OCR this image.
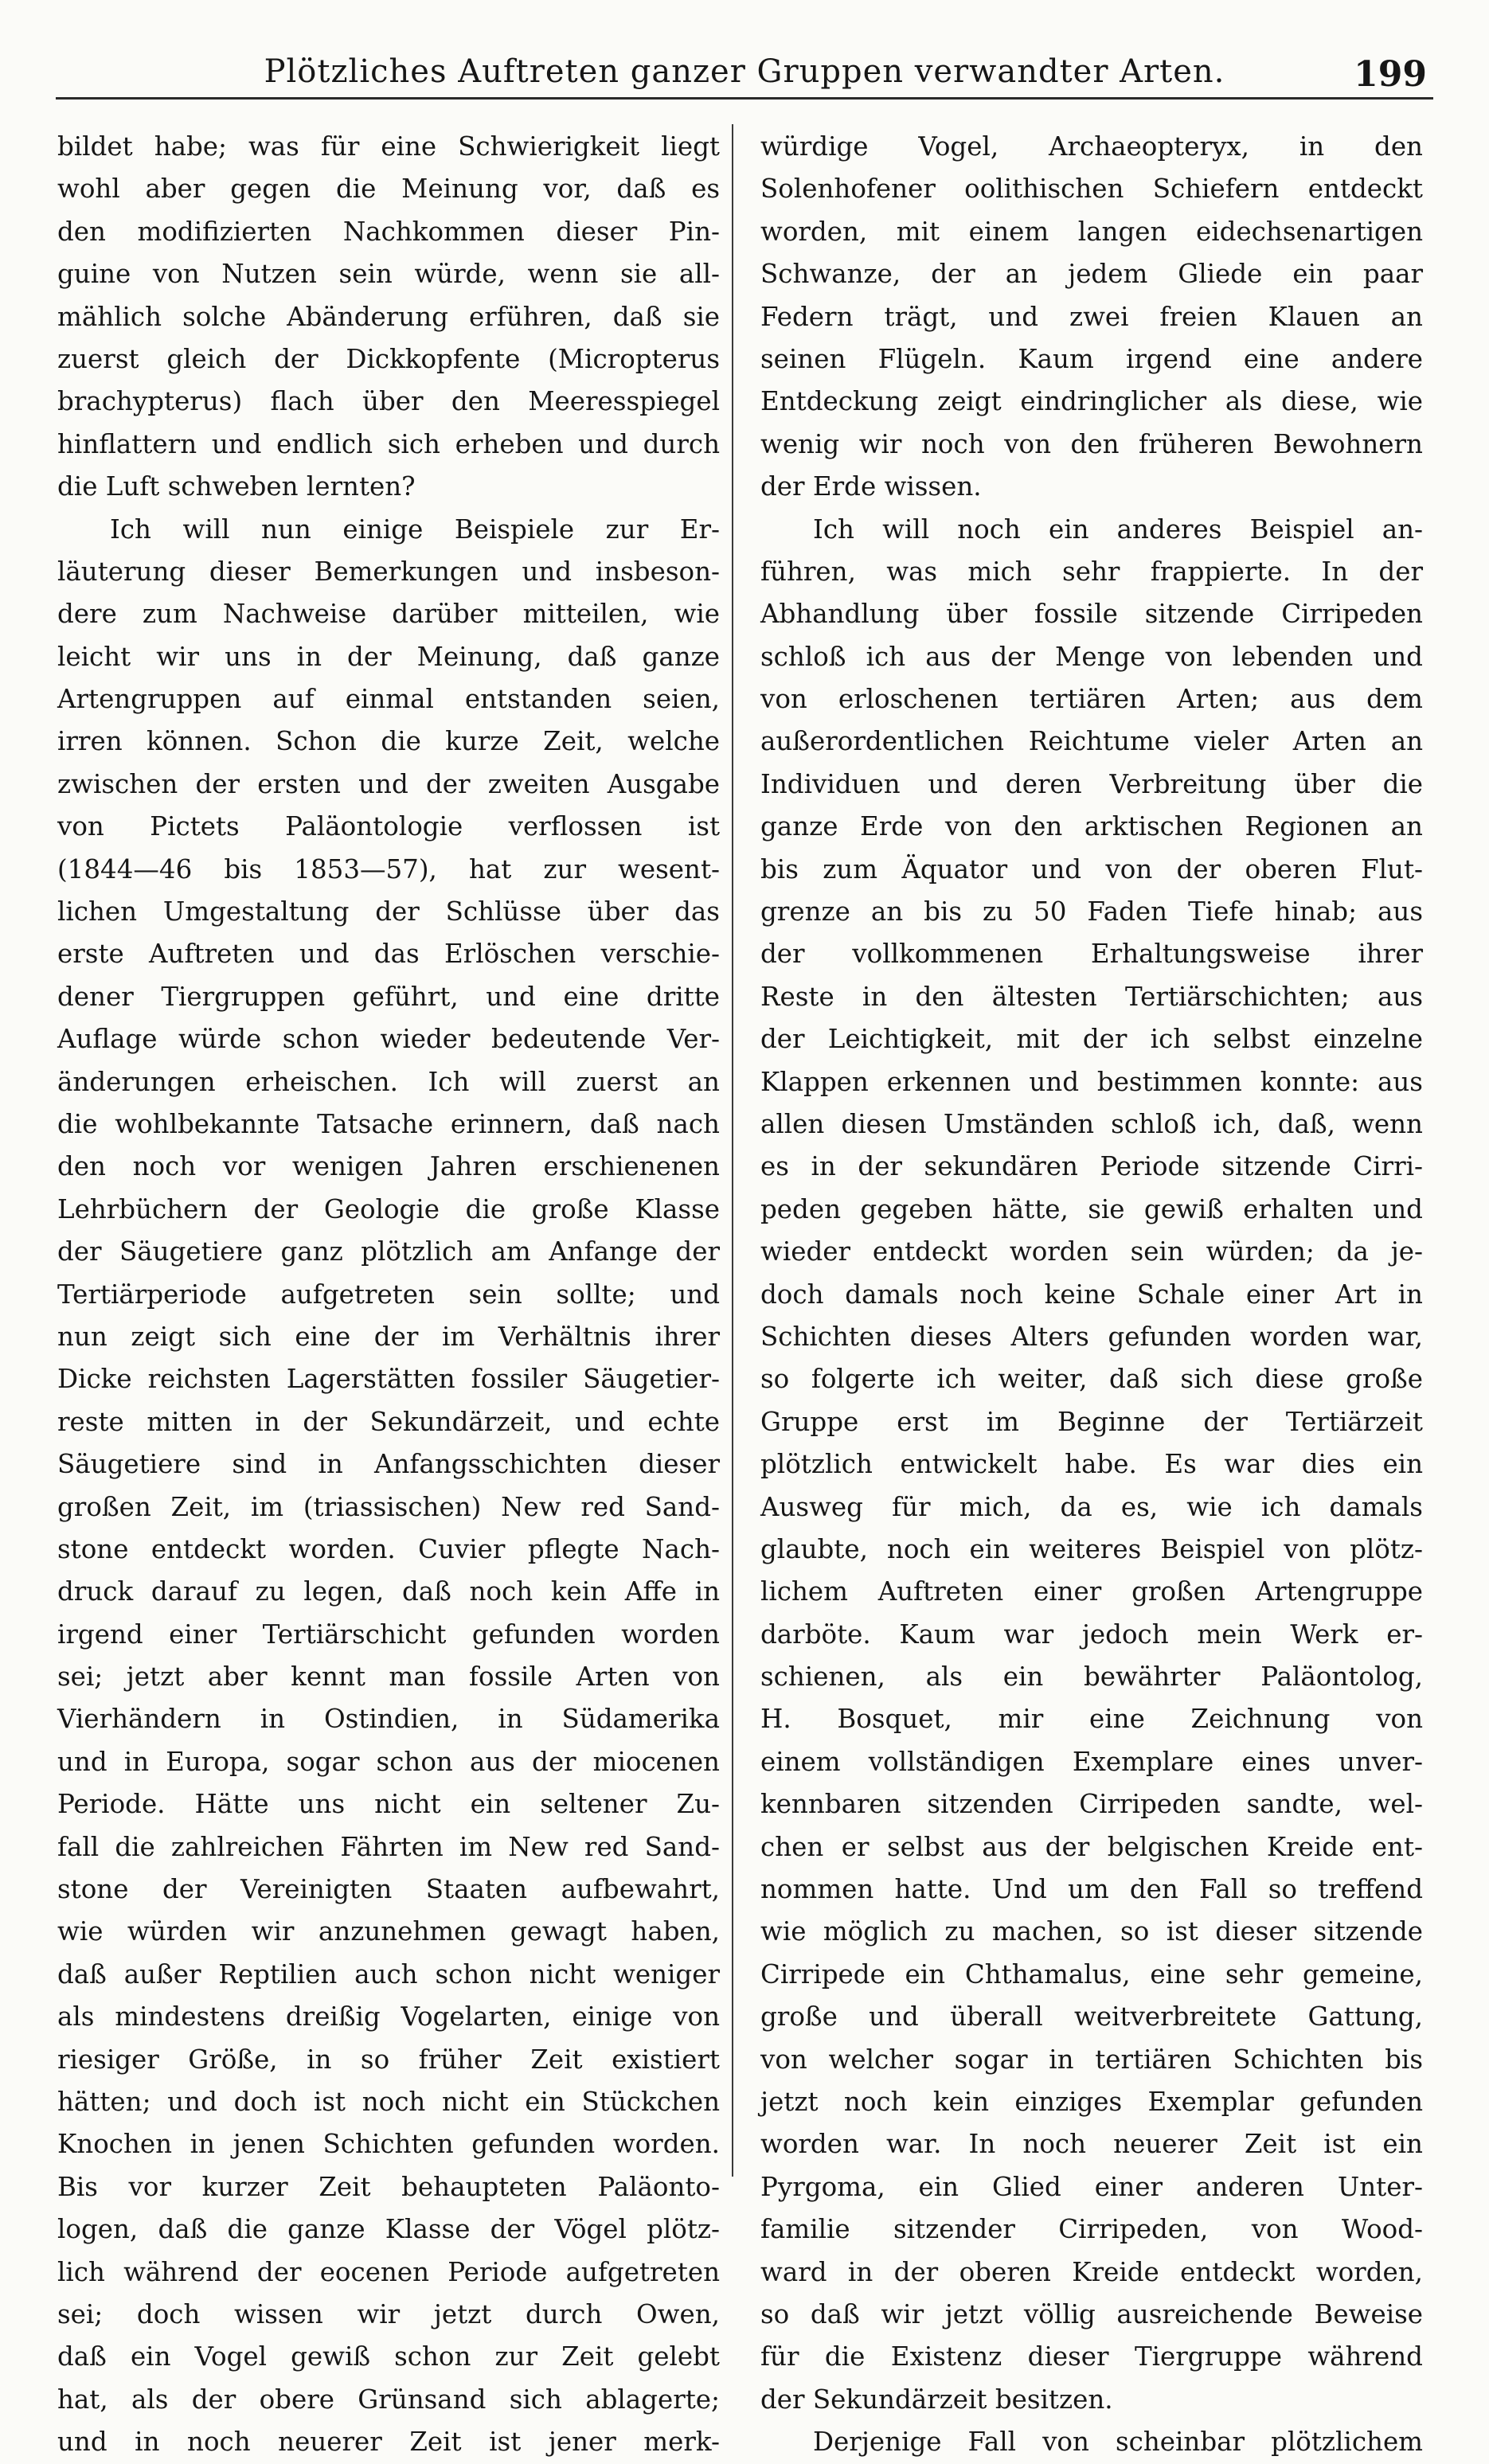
Plötzliches Auftreten ganzer Gruppen verwandter Arten.	199
bildet habe; was für eine Schwierigkeit liegt
wohl aber gegen die Meinung vor, daß es
den modifizierten Nachkommen dieser Pin-
guine von Nutzen sein würde, wenn sie all-
mählich solche Abänderung erführen, daß sie
zuerst gleich der Dickkopfente (Micropterus
brachypterus) flach über den Meeresspiegel
hinflattern und endlich sich erheben und durch
die Luft schweben lernten?
Ich will nun einige Beispiele zur Er-
läuterung dieser Bemerkungen und insbeson-
dere zum Nachweise darüber mitteilen, wie
leicht wir uns in der Meinung, daß ganze
Artengruppen auf einmal entstanden seien,
irren können. Schon die kurze Zeit, welche
zwischen der ersten und der zweiten Ausgabe
von Pictets Paläontologie verflossen ist
(1844—46 bis 1853—57), hat zur wesent-
lichen Umgestaltung der Schlüsse über das
erste Auftreten und das Erlöschen verschie-
dener Tiergruppen geführt, und eine dritte
Auflage würde schon wieder bedeutende Ver-
änderungen erheischen. Ich will zuerst an
die wohlbekannte Tatsache erinnern, daß nach
den noch vor wenigen Jahren erschienenen
Lehrbüchern der Geologie die große Klasse
der Säugetiere ganz plötzlich am Anfange der
Tertiärperiode aufgetreten sein sollte; und
nun zeigt sich eine der im Verhältnis ihrer
Dicke reichsten Lagerstätten fossiler Säugetier-
reste mitten in der Sekundärzeit, und echte
Säugetiere sind in Anfangsschichten dieser
großen Zeit, im (triassischen) New red Sand-
stone entdeckt worden. Cuvier pflegte Nach-
druck darauf zu legen, daß noch kein Affe in
irgend einer Tertiärschicht gefunden worden
sei; jetzt aber kennt man fossile Arten von
Vierhändern in Ostindien, in Südamerika
und in Europa, sogar schon aus der miocenen
Periode. Hätte uns nicht ein seltener Zu-
fall die zahlreichen Fährten im New red Sand-
stone der Vereinigten Staaten aufbewahrt,
wie würden wir anzunehmen gewagt haben,
daß außer Reptilien auch schon nicht weniger
als mindestens dreißig Vogelarten, einige von
riesiger Größe, in so früher Zeit existiert
hätten; und doch ist noch nicht ein Stückchen
Knochen in jenen Schichten gefunden worden.
Bis vor kurzer Zeit behaupteten Paläonto-
logen, daß die ganze Klasse der Vögel plötz-
lich während der eocenen Periode aufgetreten
sei; doch wissen wir jetzt durch Owen,
daß ein Vogel gewiß schon zur Zeit gelebt
hat, als der obere Grünsand sich ablagerte;
und in noch neuerer Zeit ist jener merk-
würdige Vogel, Archaeopteryx, in den
Solenhofener oolithischen Schiefern entdeckt
worden, mit einem langen eidechsenartigen
Schwanze, der an jedem Gliede ein paar
Federn trägt, und zwei freien Klauen an
seinen Flügeln. Kaum irgend eine andere
Entdeckung zeigt eindringlicher als diese, wie
wenig wir noch von den früheren Bewohnern
der Erde wissen.
Ich will noch ein anderes Beispiel an-
führen, was mich sehr frappierte. In der
Abhandlung über fossile sitzende Cirripeden
schloß ich aus der Menge von lebenden und
von erloschenen tertiären Arten; aus dem
außerordentlichen Reichtume vieler Arten an
Individuen und deren Verbreitung über die
ganze Erde von den arktischen Regionen an
bis zum Äquator und von der oberen Flut-
grenze an bis zu 50 Faden Tiefe hinab; aus
der vollkommenen Erhaltungsweise ihrer
Reste in den ältesten Tertiärschichten; aus
der Leichtigkeit, mit der ich selbst einzelne
Klappen erkennen und bestimmen konnte: aus
allen diesen Umständen schloß ich, daß, wenn
es in der sekundären Periode sitzende Cirri-
peden gegeben hätte, sie gewiß erhalten und
wieder entdeckt worden sein würden; da je-
doch damals noch keine Schale einer Art in
Schichten dieses Alters gefunden worden war,
so folgerte ich weiter, daß sich diese große
Gruppe erst im Beginne der Tertiärzeit
plötzlich entwickelt habe. Es war dies ein
Ausweg für mich, da es, wie ich damals
glaubte, noch ein weiteres Beispiel von plötz-
lichem Auftreten einer großen Artengruppe
darböte. Kaum war jedoch mein Werk er-
schienen, als ein bewährter Paläontolog,
H. Bosquet, mir eine Zeichnung von
einem vollständigen Exemplare eines unver-
kennbaren sitzenden Cirripeden sandte, wel-
chen er selbst aus der belgischen Kreide ent-
nommen hatte. Und um den Fall so treffend
wie möglich zu machen, so ist dieser sitzende
Cirripede ein Chthamalus, eine sehr gemeine,
große und überall weitverbreitete Gattung,
von welcher sogar in tertiären Schichten bis
jetzt noch kein einziges Exemplar gefunden
worden war. In noch neuerer Zeit ist ein
Pyrgoma, ein Glied einer anderen Unter-
familie sitzender Cirripeden, von Wood-
ward in der oberen Kreide entdeckt worden,
so daß wir jetzt völlig ausreichende Beweise
für die Existenz dieser Tiergruppe während
der Sekundärzeit besitzen.
Derjenige Fall von scheinbar plötzlichem
